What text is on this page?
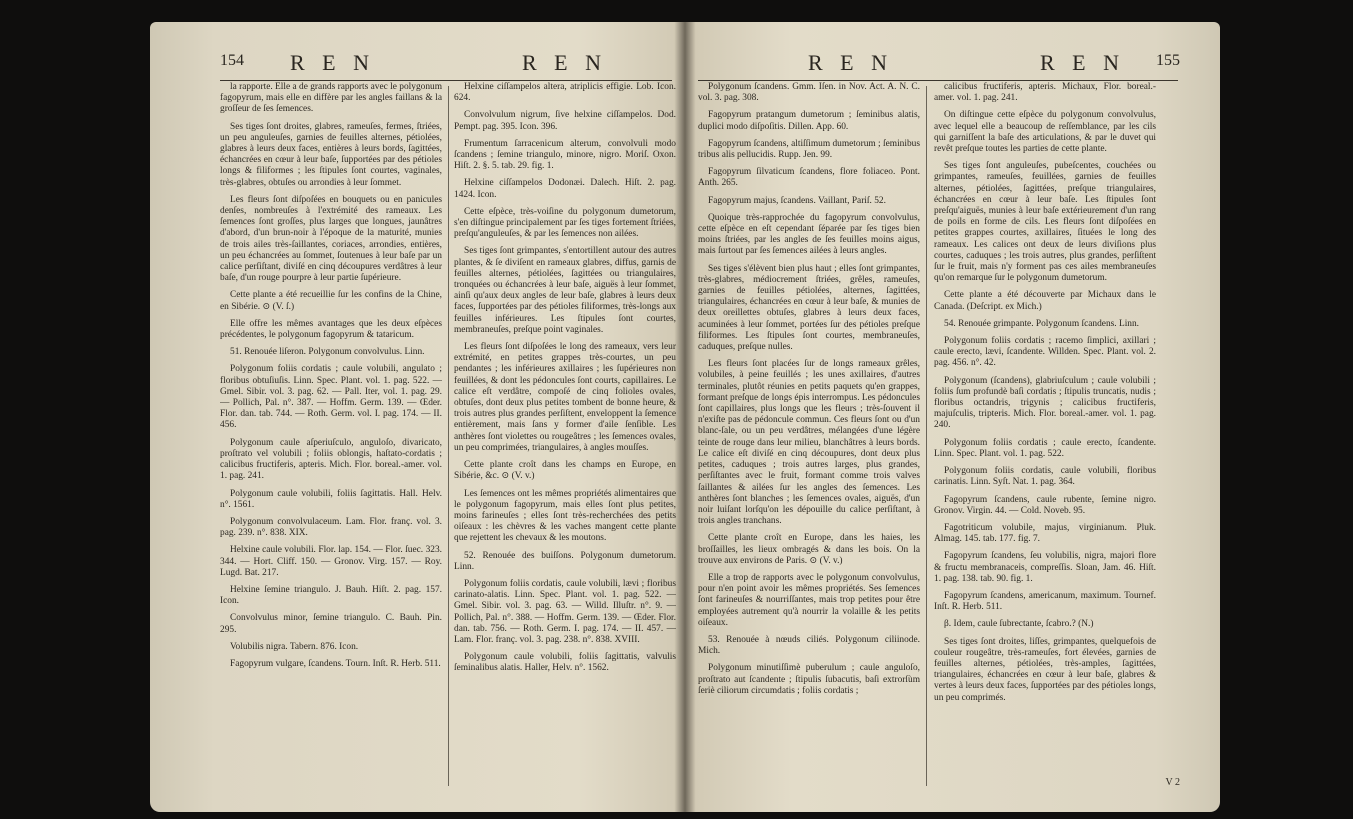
154 R E N	R E N

la rapporte. Elle a de grands rapports avec le polygonum fagopyrum, mais elle en diffère par les angles faillans & la groſſeur de ſes ſemences.

Ses tiges ſont droites, glabres, rameuſes, fermes, ſtriées, un peu anguleuſes, garnies de feuilles alternes, pétiolées, glabres à leurs deux faces, entières à leurs bords, ſagittées, échancrées en cœur à leur baſe, ſupportées par des pétioles longs & filiformes ; les ſtipules ſont courtes, vaginales, très-glabres, obtuſes ou arrondies à leur ſommet.

Les fleurs ſont diſpoſées en bouquets ou en panicules denſes, nombreuſes à l'extrémité des rameaux. Les ſemences ſont groſſes, plus larges que longues, jaunâtres d'abord, d'un brun-noir à l'époque de la maturité, munies de trois ailes très-ſaillantes, coriaces, arrondies, entières, un peu échancrées au ſommet, ſoutenues à leur baſe par un calice perſiſtant, diviſé en cinq découpures verdâtres à leur baſe, d'un rouge pourpre à leur partie ſupérieure.

Cette plante a été recueillie ſur les confins de la Chine, en Sibérie. ⊙ (V. ſ.)

Elle offre les mêmes avantages que les deux eſpèces précédentes, le polygonum fagopyrum & tataricum.

51. Renouée liſeron. Polygonum convolvulus. Linn.

Polygonum foliis cordatis ; caule volubili, angulato ; floribus obtuſiuſis. Linn. Spec. Plant. vol. 1. pag. 522. — Gmel. Sibir. vol. 3. pag. 62. — Pall. Iter, vol. 1. pag. 29. — Pollich, Pal. n°. 387. — Hoffm. Germ. 139. — Œder. Flor. dan. tab. 744. — Roth. Germ. vol. I. pag. 174. — II. 456.

Polygonum caule aſperiuſculo, anguloſo, divaricato, proſtrato vel volubili ; foliis oblongis, haſtato-cordatis ; calicibus fructiferis, apteris. Mich. Flor. boreal.-amer. vol. 1. pag. 241.

Polygonum caule volubili, foliis ſagittatis. Hall. Helv. n°. 1561.

Polygonum convolvulaceum. Lam. Flor. franç. vol. 3. pag. 239. n°. 838. XIX.

Helxine caule volubili. Flor. lap. 154. — Flor. ſuec. 323. 344. — Hort. Cliff. 150. — Gronov. Virg. 157. — Roy. Lugd. Bat. 217.

Helxine ſemine triangulo. J. Bauh. Hiſt. 2. pag. 157. Icon.

Convolvulus minor, ſemine triangulo. C. Bauh. Pin. 295.

Volubilis nigra. Tabern. 876. Icon.

Fagopyrum vulgare, ſcandens. Tourn. Inſt. R. Herb. 511.

Helxine ciſſampelos altera, atriplicis effigie. Lob. Icon. 624.

Convolvulum nigrum, ſive helxine ciſſampelos. Dod. Pempt. pag. 395. Icon. 396.

Frumentum ſarracenicum alterum, convolvuli modo ſcandens ; ſemine triangulo, minore, nigro. Moriſ. Oxon. Hiſt. 2. §. 5. tab. 29. fig. 1.

Helxine ciſſampelos Dodonæi. Dalech. Hiſt. 2. pag. 1424. Icon.

Cette eſpèce, très-voiſine du polygonum dumetorum, s'en diſtingue principalement par ſes tiges fortement ſtriées, preſqu'anguleuſes, & par les ſemences non ailées.

Ses tiges ſont grimpantes, s'entortillent autour des autres plantes, & ſe diviſent en rameaux glabres, diffus, garnis de feuilles alternes, pétiolées, ſagittées ou triangulaires, tronquées ou échancrées à leur baſe, aiguës à leur ſommet, ainſi qu'aux deux angles de leur baſe, glabres à leurs deux faces, ſupportées par des pétioles filiformes, très-longs aux feuilles inférieures. Les ſtipules ſont courtes, membraneuſes, preſque point vaginales.

Les fleurs ſont diſpoſées le long des rameaux, vers leur extrémité, en petites grappes très-courtes, un peu pendantes ; les inférieures axillaires ; les ſupérieures non feuillées, & dont les pédoncules ſont courts, capillaires. Le calice eſt verdâtre, compoſé de cinq folioles ovales, obtuſes, dont deux plus petites tombent de bonne heure, & trois autres plus grandes perſiſtent, enveloppent la ſemence entièrement, mais ſans y former d'aile ſenſible. Les anthères ſont violettes ou rougeâtres ; les ſemences ovales, un peu comprimées, triangulaires, à angles mouſſes.

Cette plante croît dans les champs en Europe, en Sibérie, &c. ⊙ (V. v.)

Les ſemences ont les mêmes propriétés alimentaires que le polygonum fagopyrum, mais elles ſont plus petites, moins farineuſes ; elles ſont très-recherchées des petits oiſeaux : les chèvres & les vaches mangent cette plante que rejettent les chevaux & les moutons.

52. Renouée des buiſſons. Polygonum dumetorum. Linn.

Polygonum foliis cordatis, caule volubili, lævi ; floribus carinato-alatis. Linn. Spec. Plant. vol. 1. pag. 522. — Gmel. Sibir. vol. 3. pag. 63. — Willd. Illuſtr. n°. 9. — Pollich, Pal. n°. 388. — Hoffm. Germ. 139. — Œder. Flor. dan. tab. 756. — Roth. Germ. I. pag. 174. — II. 457. — Lam. Flor. franç. vol. 3. pag. 238. n°. 838. XVIII.

Polygonum caule volubili, foliis ſagittatis, valvulis ſeminalibus alatis. Haller, Helv. n°. 1562.

R E N	R E N 155

Polygonum ſcandens. Gmm. Iſen. in Nov. Act. A. N. C. vol. 3. pag. 308.

Fagopyrum pratangum dumetorum ; ſeminibus alatis, duplici modo diſpoſitis. Dillen. App. 60.

Fagopyrum ſcandens, altiſſimum dumetorum ; ſeminibus tribus alis pellucidis. Rupp. Jen. 99.

Fagopyrum ſilvaticum ſcandens, flore foliaceo. Pont. Anth. 265.

Fagopyrum majus, ſcandens. Vaillant, Pariſ. 52.

Quoique très-rapprochée du fagopyrum convolvulus, cette eſpèce en eſt cependant ſéparée par ſes tiges bien moins ſtriées, par les angles de ſes feuilles moins aigus, mais ſurtout par ſes ſemences ailées à leurs angles.

Ses tiges s'élèvent bien plus haut ; elles ſont grimpantes, très-glabres, médiocrement ſtriées, grêles, rameuſes, garnies de feuilles pétiolées, alternes, ſagittées, triangulaires, échancrées en cœur à leur baſe, & munies de deux oreillettes obtuſes, glabres à leurs deux faces, acuminées à leur ſommet, portées ſur des pétioles preſque filiformes. Les ſtipules ſont courtes, membraneuſes, caduques, preſque nulles.

Les fleurs ſont placées ſur de longs rameaux grêles, volubiles, à peine feuillés ; les unes axillaires, d'autres terminales, plutôt réunies en petits paquets qu'en grappes, formant preſque de longs épis interrompus. Les pédoncules ſont capillaires, plus longs que les fleurs ; très-ſouvent il n'exiſte pas de pédoncule commun. Ces fleurs ſont ou d'un blanc-ſale, ou un peu verdâtres, mélangées d'une légère teinte de rouge dans leur milieu, blanchâtres à leurs bords. Le calice eſt diviſé en cinq découpures, dont deux plus petites, caduques ; trois autres larges, plus grandes, perſiſtantes avec le fruit, formant comme trois valves ſaillantes & ailées ſur les angles des ſemences. Les anthères ſont blanches ; les ſemences ovales, aiguës, d'un noir luiſant lorſqu'on les dépouille du calice perſiſtant, à trois angles tranchans.

Cette plante croît en Europe, dans les haies, les broſſailles, les lieux ombragés & dans les bois. On la trouve aux environs de Paris. ⊙ (V. v.)

Elle a trop de rapports avec le polygonum convolvulus, pour n'en point avoir les mêmes propriétés. Ses ſemences ſont farineuſes & nourriſſantes, mais trop petites pour être employées autrement qu'à nourrir la volaille & les petits oiſeaux.

53. Renouée à nœuds ciliés. Polygonum ciliinode. Mich.

Polygonum minutiſſimè puberulum ; caule anguloſo, proſtrato aut ſcandente ; ſtipulis ſubacutis, baſi extrorſùm ſeriè ciliorum circumdatis ; foliis cordatis ;

calicibus fructiferis, apteris. Michaux, Flor. boreal.-amer. vol. 1. pag. 241.

On diſtingue cette eſpèce du polygonum convolvulus, avec lequel elle a beaucoup de reſſemblance, par les cils qui garniſſent la baſe des articulations, & par le duvet qui revêt preſque toutes les parties de cette plante.

Ses tiges ſont anguleuſes, pubeſcentes, couchées ou grimpantes, rameuſes, feuillées, garnies de feuilles alternes, pétiolées, ſagittées, preſque triangulaires, échancrées en cœur à leur baſe. Les ſtipules ſont preſqu'aiguës, munies à leur baſe extérieurement d'un rang de poils en forme de cils. Les fleurs ſont diſpoſées en petites grappes courtes, axillaires, ſituées le long des rameaux. Les calices ont deux de leurs diviſions plus courtes, caduques ; les trois autres, plus grandes, perſiſtent ſur le fruit, mais n'y forment pas ces ailes membraneuſes qu'on remarque ſur le polygonum dumetorum.

Cette plante a été découverte par Michaux dans le Canada. (Deſcript. ex Mich.)

54. Renouée grimpante. Polygonum ſcandens. Linn.

Polygonum foliis cordatis ; racemo ſimplici, axillari ; caule erecto, lævi, ſcandente. Willden. Spec. Plant. vol. 2. pag. 456. n°. 42.

Polygonum (ſcandens), glabriuſculum ; caule volubili ; foliis ſum profundè baſi cordatis ; ſtipulis truncatis, nudis ; floribus octandris, trigynis ; calicibus fructiferis, majuſculis, tripteris. Mich. Flor. boreal.-amer. vol. 1. pag. 240.

Polygonum foliis cordatis ; caule erecto, ſcandente. Linn. Spec. Plant. vol. 1. pag. 522.

Polygonum foliis cordatis, caule volubili, floribus carinatis. Linn. Syſt. Nat. 1. pag. 364.

Fagopyrum ſcandens, caule rubente, ſemine nigro. Gronov. Virgin. 44. — Cold. Noveb. 95.

Fagotriticum volubile, majus, virginianum. Pluk. Almag. 145. tab. 177. fig. 7.

Fagopyrum ſcandens, ſeu volubilis, nigra, majori flore & fructu membranaceis, compreſſis. Sloan, Jam. 46. Hiſt. 1. pag. 138. tab. 90. fig. 1.

Fagopyrum ſcandens, americanum, maximum. Tournef. Inſt. R. Herb. 511.

β. Idem, caule ſubrectante, ſcabro.? (N.)

Ses tiges ſont droites, liſſes, grimpantes, quelquefois de couleur rougeâtre, très-rameuſes, fort élevées, garnies de feuilles alternes, pétiolées, très-amples, ſagittées, triangulaires, échancrées en cœur à leur baſe, glabres & vertes à leurs deux faces, ſupportées par des pétioles longs, un peu comprimés.

V 2
